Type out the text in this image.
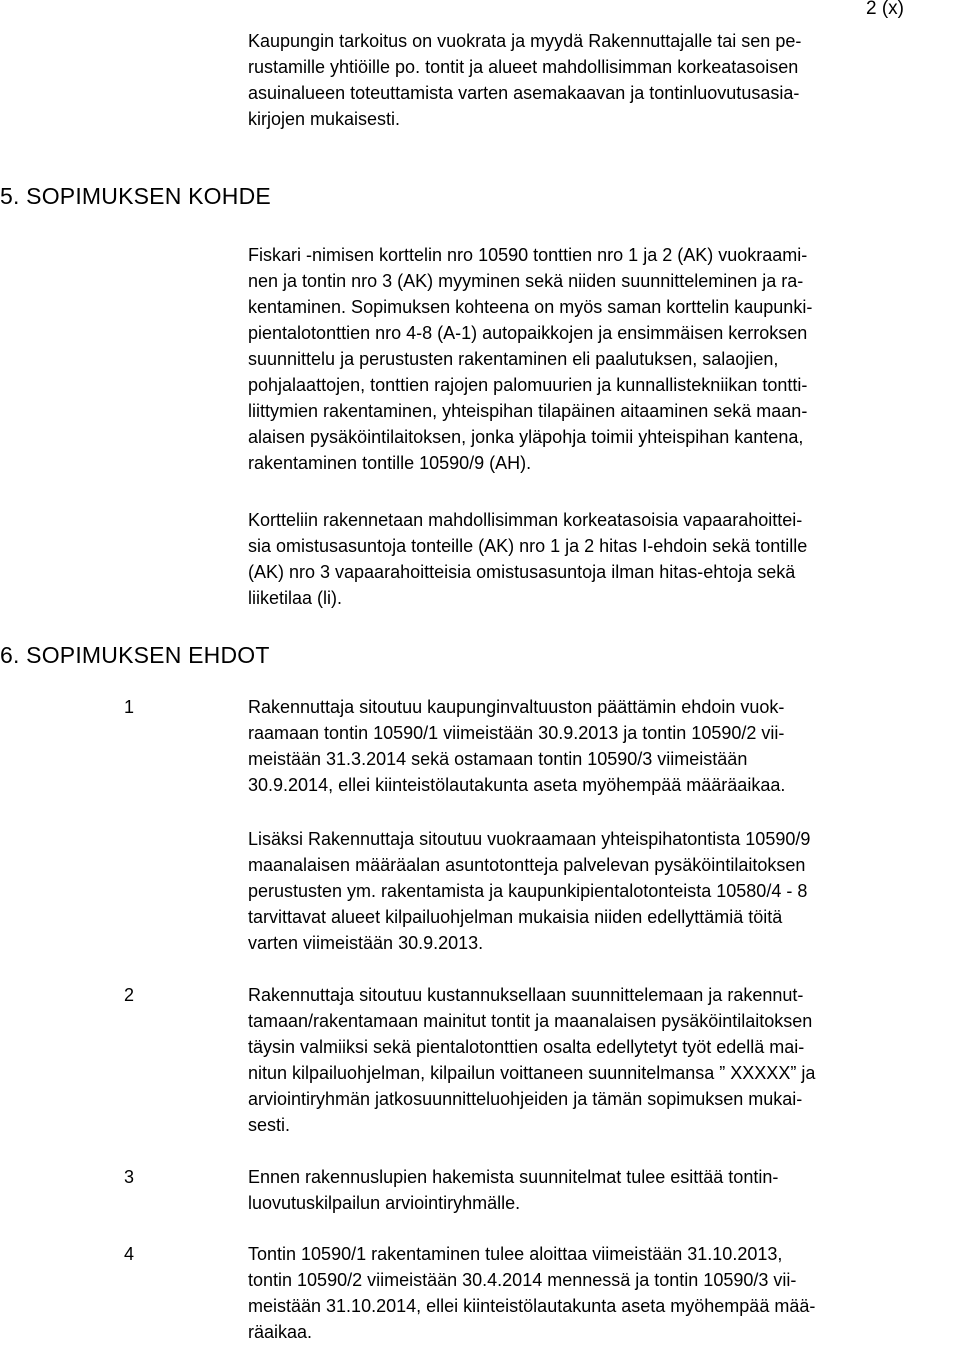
2 (x)
Kaupungin tarkoitus on vuokrata ja myydä Rakennuttajalle tai sen pe-
rustamille yhtiöille po. tontit ja alueet mahdollisimman korkeatasoisen
asuinalueen toteuttamista varten asemakaavan ja tontinluovutusasia-
kirjojen mukaisesti.
5. SOPIMUKSEN KOHDE
Fiskari -nimisen korttelin nro 10590 tonttien nro 1 ja 2 (AK) vuokraami-
nen ja tontin nro 3 (AK) myyminen sekä niiden suunnitteleminen ja ra-
kentaminen. Sopimuksen kohteena on myös saman korttelin kaupunki-
pientalotonttien nro 4-8 (A-1) autopaikkojen ja ensimmäisen kerroksen
suunnittelu ja perustusten rakentaminen eli paalutuksen, salaojien,
pohjalaattojen, tonttien rajojen palomuurien ja kunnallistekniikan tontti-
liittymien rakentaminen, yhteispihan tilapäinen aitaaminen sekä maan-
alaisen pysäköintilaitoksen, jonka yläpohja toimii yhteispihan kantena,
rakentaminen tontille 10590/9 (AH).
Kortteliin rakennetaan mahdollisimman korkeatasoisia vapaarahoittei-
sia omistusasuntoja tonteille (AK) nro 1 ja 2 hitas I-ehdoin sekä tontille
(AK) nro 3 vapaarahoitteisia omistusasuntoja ilman hitas-ehtoja sekä
liiketilaa (li).
6. SOPIMUKSEN EHDOT
1	Rakennuttaja sitoutuu kaupunginvaltuuston päättämin ehdoin vuok-
raamaan tontin 10590/1 viimeistään 30.9.2013 ja tontin 10590/2 vii-
meistään 31.3.2014 sekä ostamaan tontin 10590/3 viimeistään
30.9.2014, ellei kiinteistölautakunta aseta myöhempää määräaikaa.
Lisäksi Rakennuttaja sitoutuu vuokraamaan yhteispihatontista 10590/9
maanalaisen määräalan asuntotontteja palvelevan pysäköintilaitoksen
perustusten ym. rakentamista ja kaupunkipientalotonteista 10580/4 - 8
tarvittavat alueet kilpailuohjelman mukaisia niiden edellyttämiä töitä
varten viimeistään 30.9.2013.
2	Rakennuttaja sitoutuu kustannuksellaan suunnittelemaan ja rakennut-
tamaan/rakentamaan mainitut tontit ja maanalaisen pysäköintilaitoksen
täysin valmiiksi sekä pientalotonttien osalta edellytetyt työt edellä mai-
nitun kilpailuohjelman, kilpailun voittaneen suunnitelmansa ” XXXXX” ja
arviointiryhmän jatkosuunnitteluohjeiden ja tämän sopimuksen mukai-
sesti.
3	Ennen rakennuslupien hakemista suunnitelmat tulee esittää tontin-
luovutuskilpailun arviointiryhmälle.
4	Tontin 10590/1 rakentaminen tulee aloittaa viimeistään 31.10.2013,
tontin 10590/2 viimeistään 30.4.2014 mennessä ja tontin 10590/3 vii-
meistään 31.10.2014, ellei kiinteistölautakunta aseta myöhempää mää-
räaikaa.
